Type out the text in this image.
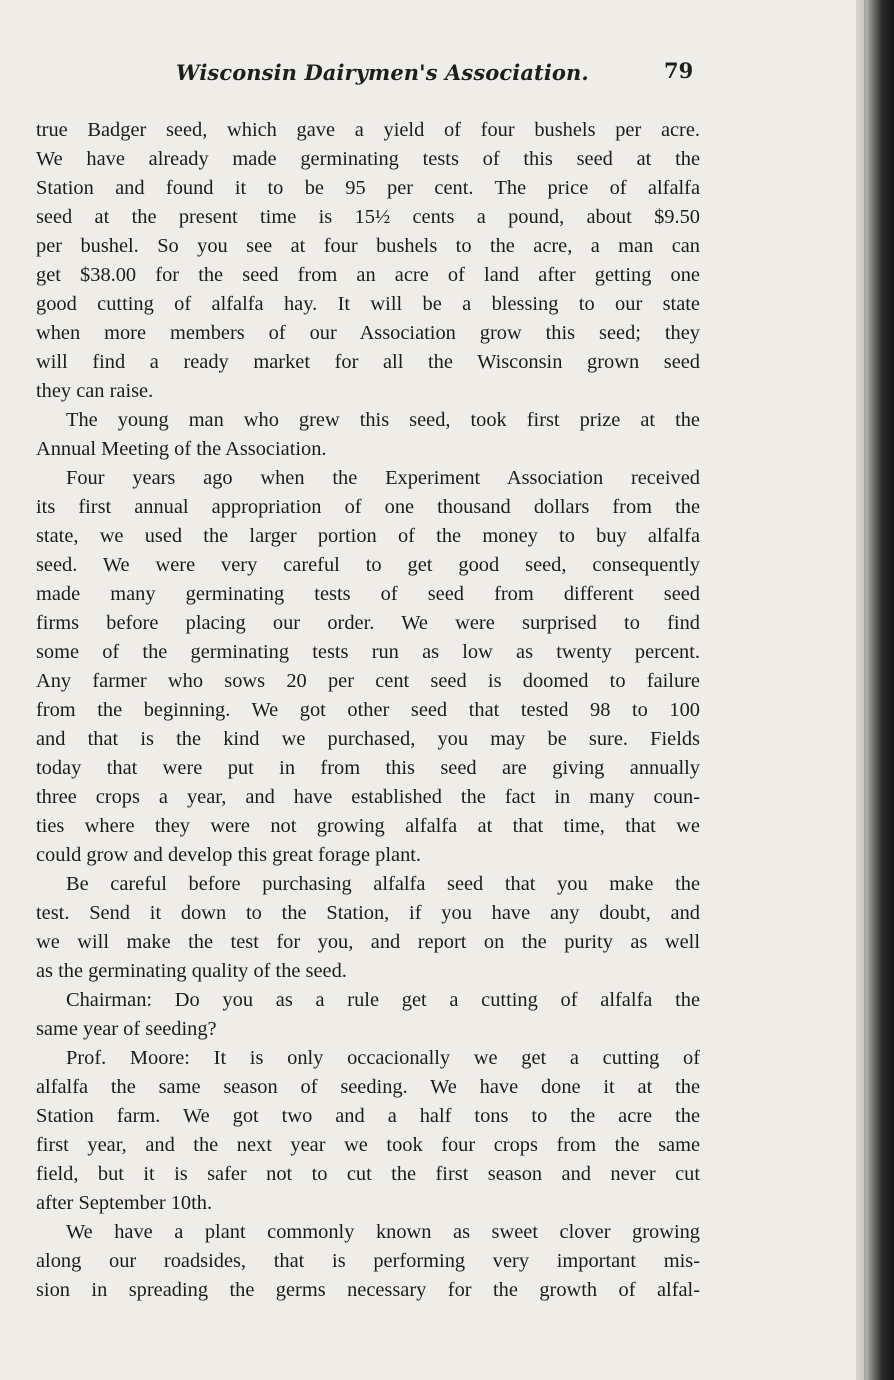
Wisconsin Dairymen's Association.	79
true Badger seed, which gave a yield of four bushels per acre.
We have already made germinating tests of this seed at the
Station and found it to be 95 per cent. The price of alfalfa
seed at the present time is 15½ cents a pound, about $9.50
per bushel. So you see at four bushels to the acre, a man can
get $38.00 for the seed from an acre of land after getting one
good cutting of alfalfa hay. It will be a blessing to our state
when more members of our Association grow this seed; they
will find a ready market for all the Wisconsin grown seed
they can raise.
The young man who grew this seed, took first prize at the
Annual Meeting of the Association.
Four years ago when the Experiment Association received
its first annual appropriation of one thousand dollars from the
state, we used the larger portion of the money to buy alfalfa
seed. We were very careful to get good seed, consequently
made many germinating tests of seed from different seed
firms before placing our order. We were surprised to find
some of the germinating tests run as low as twenty percent.
Any farmer who sows 20 per cent seed is doomed to failure
from the beginning. We got other seed that tested 98 to 100
and that is the kind we purchased, you may be sure. Fields
today that were put in from this seed are giving annually
three crops a year, and have established the fact in many coun-
ties where they were not growing alfalfa at that time, that we
could grow and develop this great forage plant.
Be careful before purchasing alfalfa seed that you make the
test. Send it down to the Station, if you have any doubt, and
we will make the test for you, and report on the purity as well
as the germinating quality of the seed.
Chairman: Do you as a rule get a cutting of alfalfa the
same year of seeding?
Prof. Moore: It is only occacionally we get a cutting of
alfalfa the same season of seeding. We have done it at the
Station farm. We got two and a half tons to the acre the
first year, and the next year we took four crops from the same
field, but it is safer not to cut the first season and never cut
after September 10th.
We have a plant commonly known as sweet clover growing
along our roadsides, that is performing very important mis-
sion in spreading the germs necessary for the growth of alfal-
